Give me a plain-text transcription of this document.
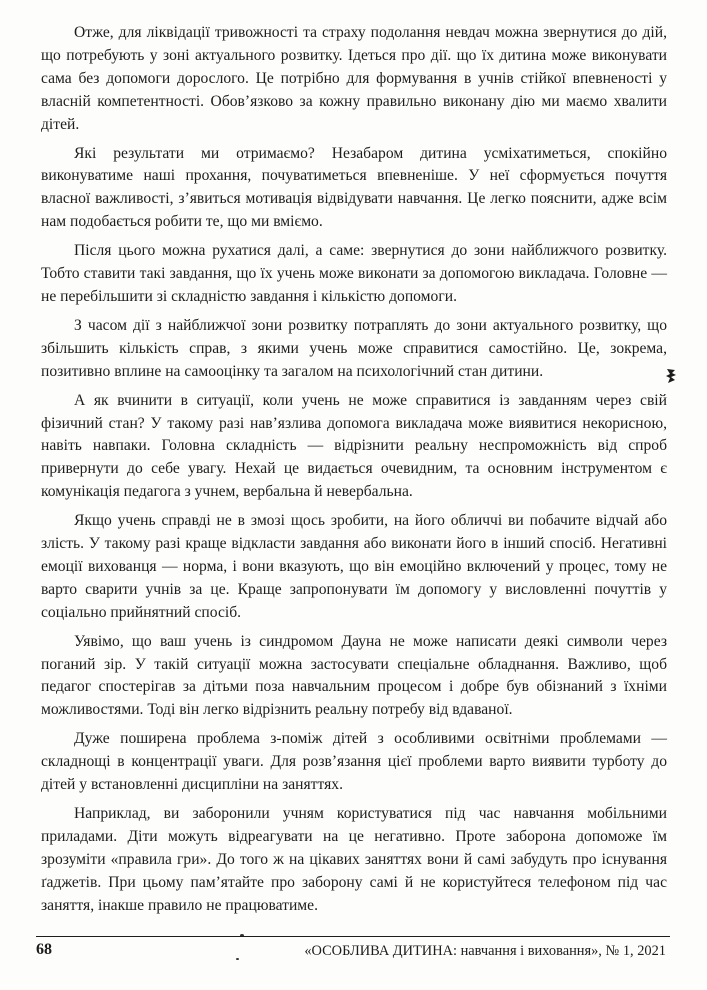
Отже, для ліквідації тривожності та страху подолання невдач можна звернутися до дій, що потребують у зоні актуального розвитку. Ідеться про дії. що їх дитина може виконувати сама без допомоги дорослого. Це потрібно для формування в учнів стійкої впевненості у власній компетентності. Обов’язково за кожну правильно виконану дію ми маємо хвалити дітей.

Які результати ми отримаємо? Незабаром дитина усміхатиметься, спокійно виконуватиме наші прохання, почуватиметься впевненіше. У неї сформується почуття власної важливості, з’явиться мотивація відвідувати навчання. Це легко пояснити, адже всім нам подобається робити те, що ми вміємо.

Після цього можна рухатися далі, а саме: звернутися до зони найближчого розвитку. Тобто ставити такі завдання, що їх учень може виконати за допомогою викладача. Головне — не перебільшити зі складністю завдання і кількістю допомоги.

З часом дії з найближчої зони розвитку потраплять до зони актуального розвитку, що збільшить кількість справ, з якими учень може справитися самостійно. Це, зокрема, позитивно вплине на самооцінку та загалом на психологічний стан дитини.

А як вчинити в ситуації, коли учень не може справитися із завданням через свій фізичний стан? У такому разі нав’язлива допомога викладача може виявитися некорисною, навіть навпаки. Головна складність — відрізнити реальну неспроможність від спроб привернути до себе увагу. Нехай це видається очевидним, та основним інструментом є комунікація педагога з учнем, вербальна й невербальна.

Якщо учень справді не в змозі щось зробити, на його обличчі ви побачите відчай або злість. У такому разі краще відкласти завдання або виконати його в інший спосіб. Негативні емоції вихованця — норма, і вони вказують, що він емоційно включений у процес, тому не варто сварити учнів за це. Краще запропонувати їм допомогу у висловленні почуттів у соціально прийнятний спосіб.

Уявімо, що ваш учень із синдромом Дауна не може написати деякі символи через поганий зір. У такій ситуації можна застосувати спеціальне обладнання. Важливо, щоб педагог спостерігав за дітьми поза навчальним процесом і добре був обізнаний з їхніми можливостями. Тоді він легко відрізнить реальну потребу від вдаваної.

Дуже поширена проблема з-поміж дітей з особливими освітніми проблемами — складнощі в концентрації уваги. Для розв’язання цієї проблеми варто виявити турботу до дітей у встановленні дисципліни на заняттях.

Наприклад, ви заборонили учням користуватися під час навчання мобільними приладами. Діти можуть відреагувати на це негативно. Проте заборона допоможе їм зрозуміти «правила гри». До того ж на цікавих заняттях вони й самі забудуть про існування ґаджетів. При цьому пам’ятайте про заборону самі й не користуйтеся телефоном під час заняття, інакше правило не працюватиме.

68	«ОСОБЛИВА ДИТИНА: навчання і виховання», № 1, 2021
